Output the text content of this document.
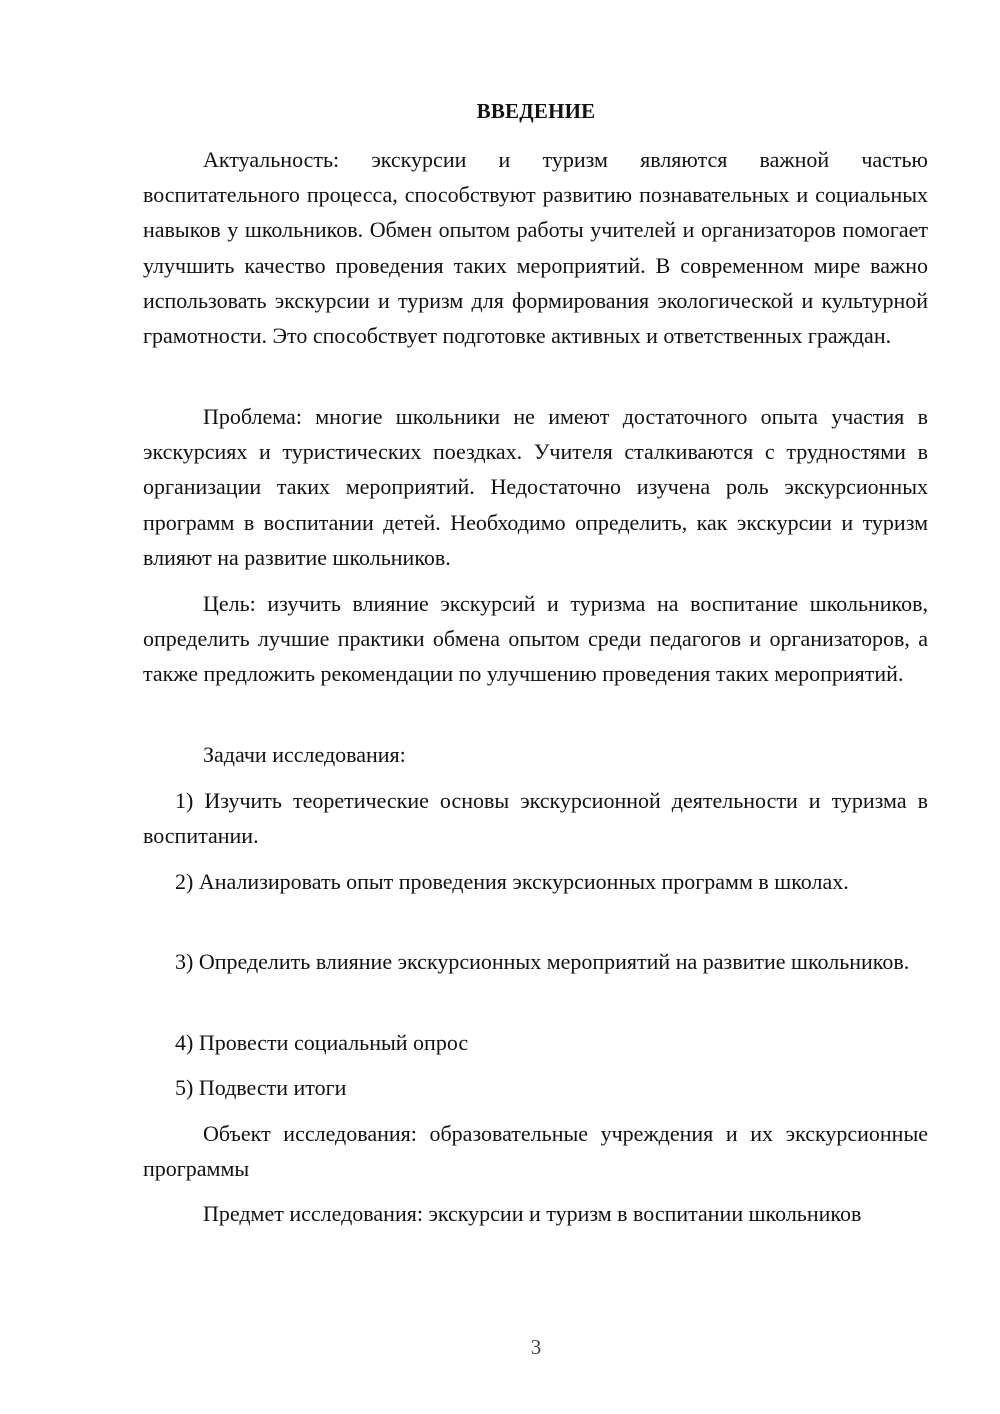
ВВЕДЕНИЕ

Актуальность: экскурсии и туризм являются важной частью воспитательного процесса, способствуют развитию познавательных и социальных навыков у школьников. Обмен опытом работы учителей и организаторов помогает улучшить качество проведения таких мероприятий. В современном мире важно использовать экскурсии и туризм для формирования экологической и культурной грамотности. Это способствует подготовке активных и ответственных граждан.

Проблема: многие школьники не имеют достаточного опыта участия в экскурсиях и туристических поездках. Учителя сталкиваются с трудностями в организации таких мероприятий. Недостаточно изучена роль экскурсионных программ в воспитании детей. Необходимо определить, как экскурсии и туризм влияют на развитие школьников.

Цель: изучить влияние экскурсий и туризма на воспитание школьников, определить лучшие практики обмена опытом среди педагогов и организаторов, а также предложить рекомендации по улучшению проведения таких мероприятий.

Задачи исследования:

1) Изучить теоретические основы экскурсионной деятельности и туризма в воспитании.

2) Анализировать опыт проведения экскурсионных программ в школах.

3) Определить влияние экскурсионных мероприятий на развитие школьников.

4) Провести социальный опрос

5) Подвести итоги

Объект исследования: образовательные учреждения и их экскурсионные программы

Предмет исследования: экскурсии и туризм в воспитании школьников

3
